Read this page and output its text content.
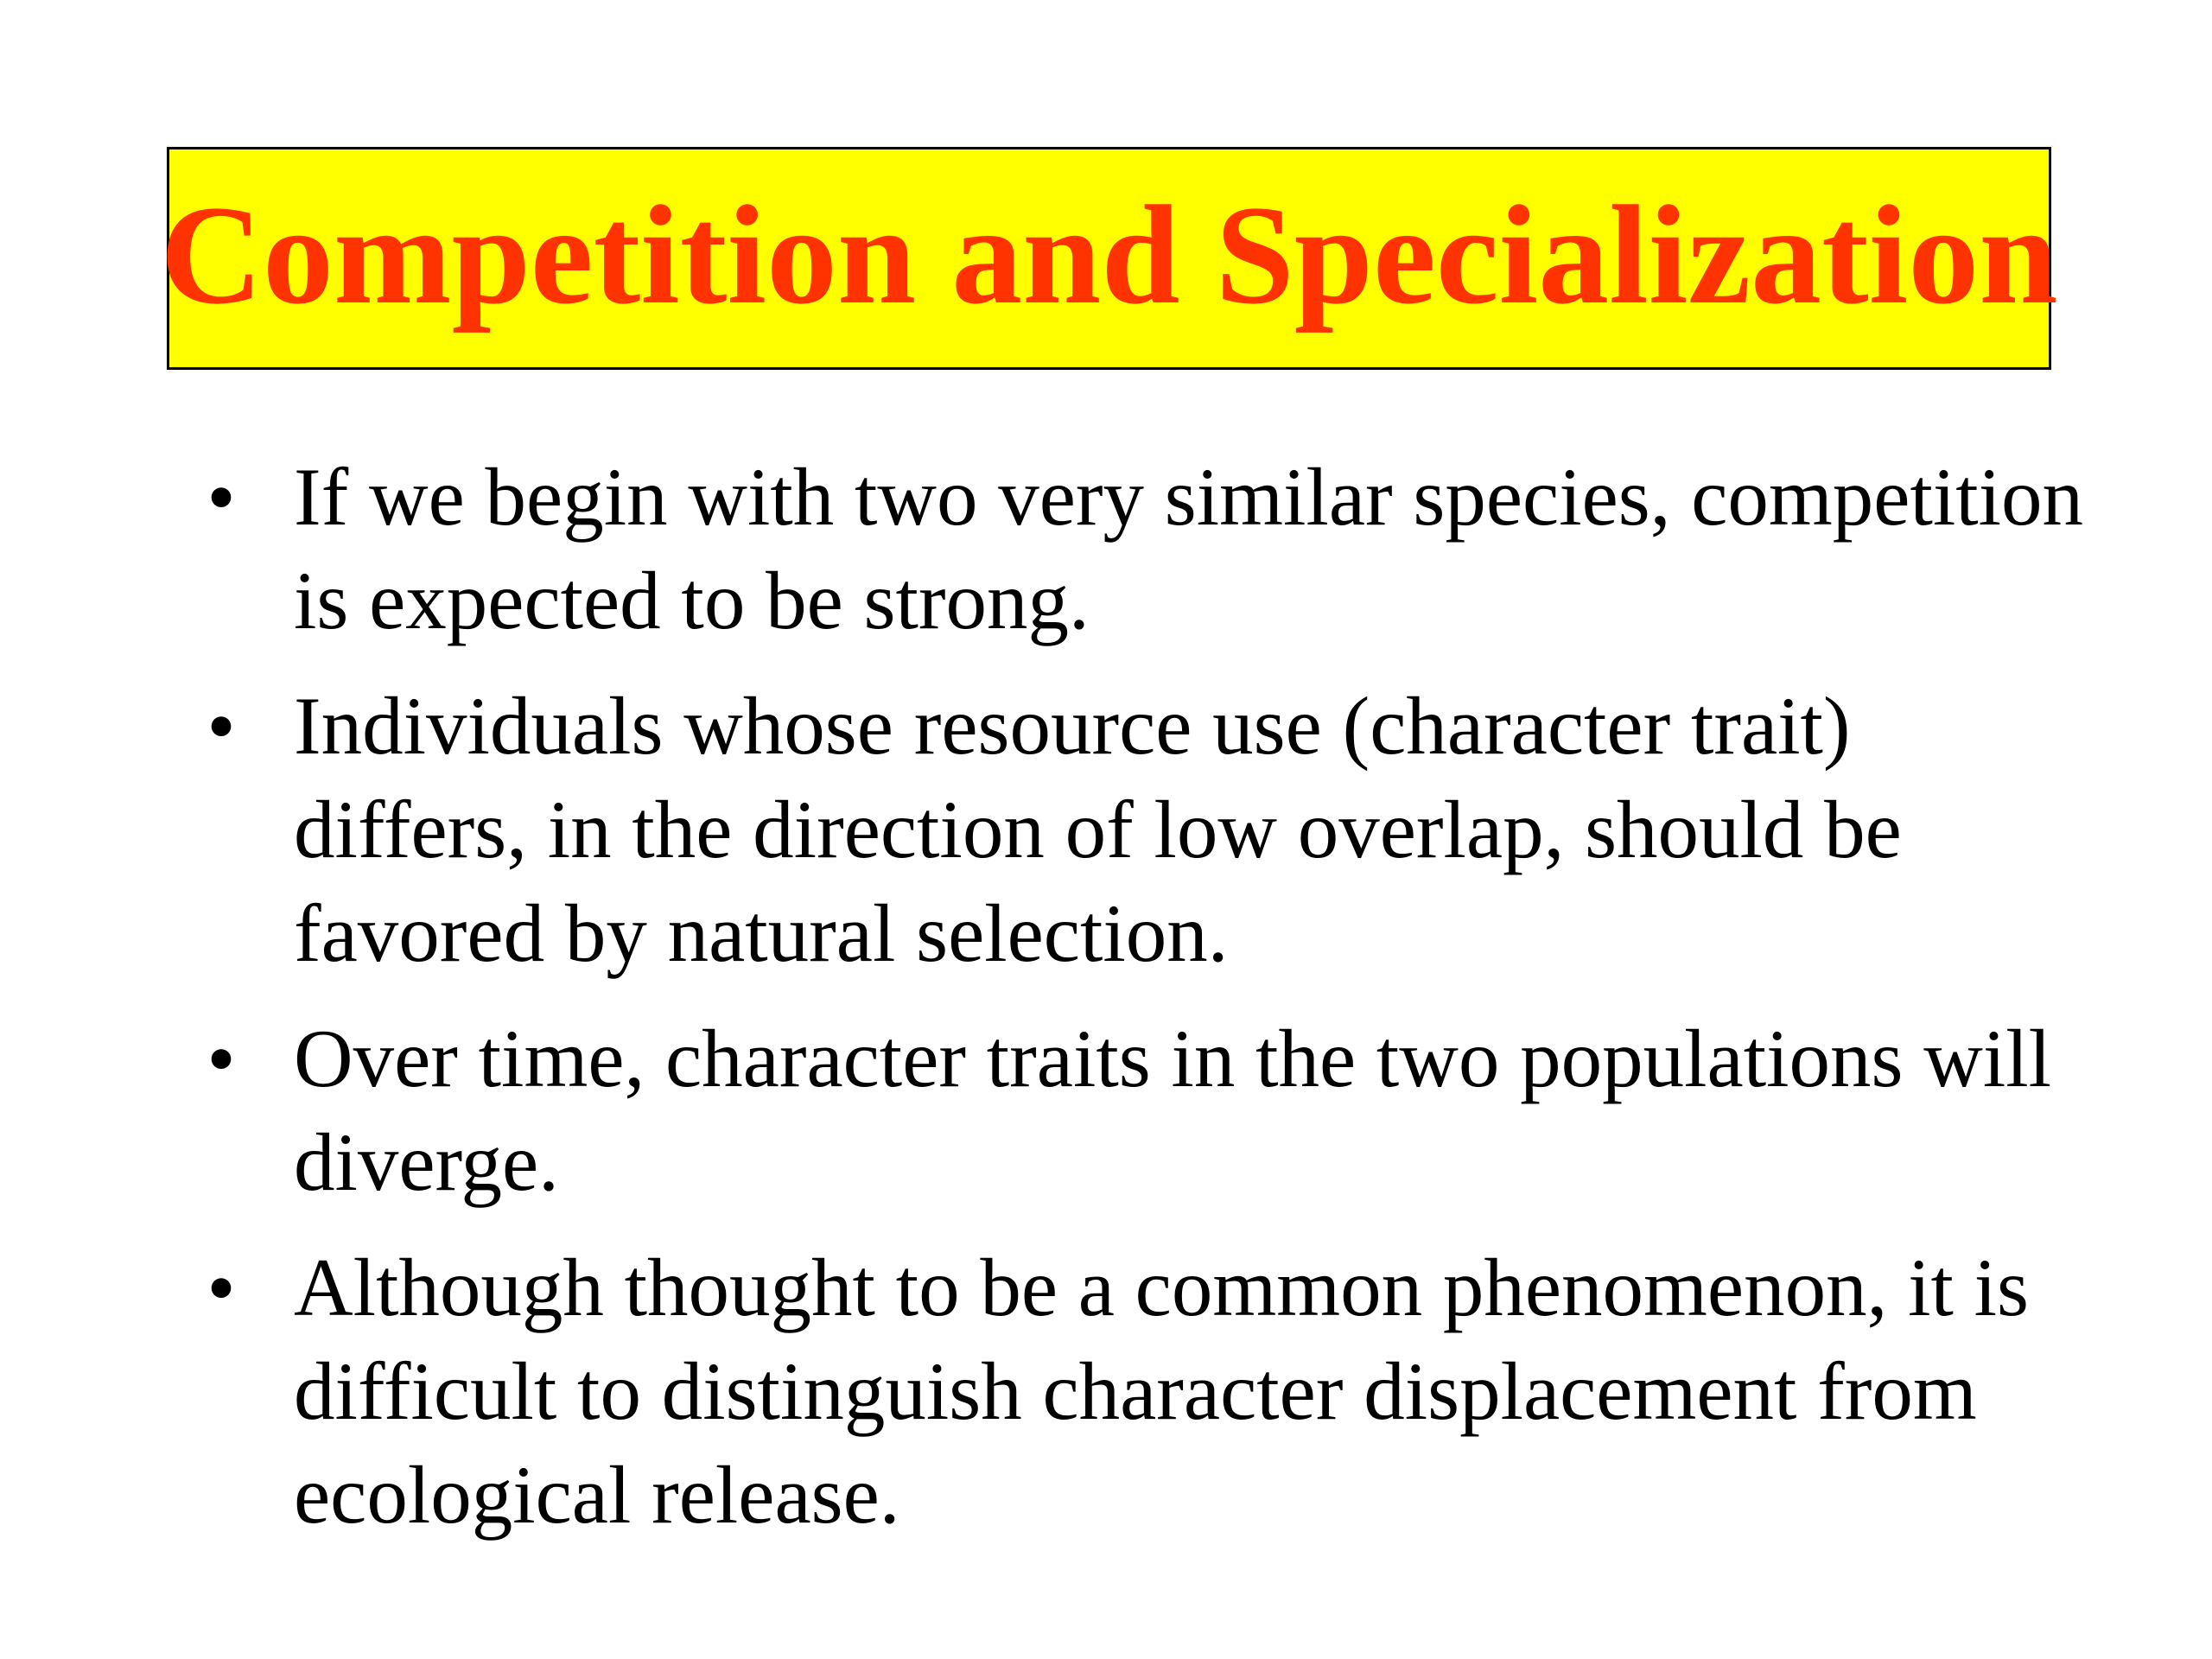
Competition and Specialization
• If we begin with two very similar species, competition is expected to be strong.
• Individuals whose resource use (character trait) differs, in the direction of low overlap, should be favored by natural selection.
• Over time, character traits in the two populations will diverge.
• Although thought to be a common phenomenon, it is difficult to distinguish character displacement from ecological release.
